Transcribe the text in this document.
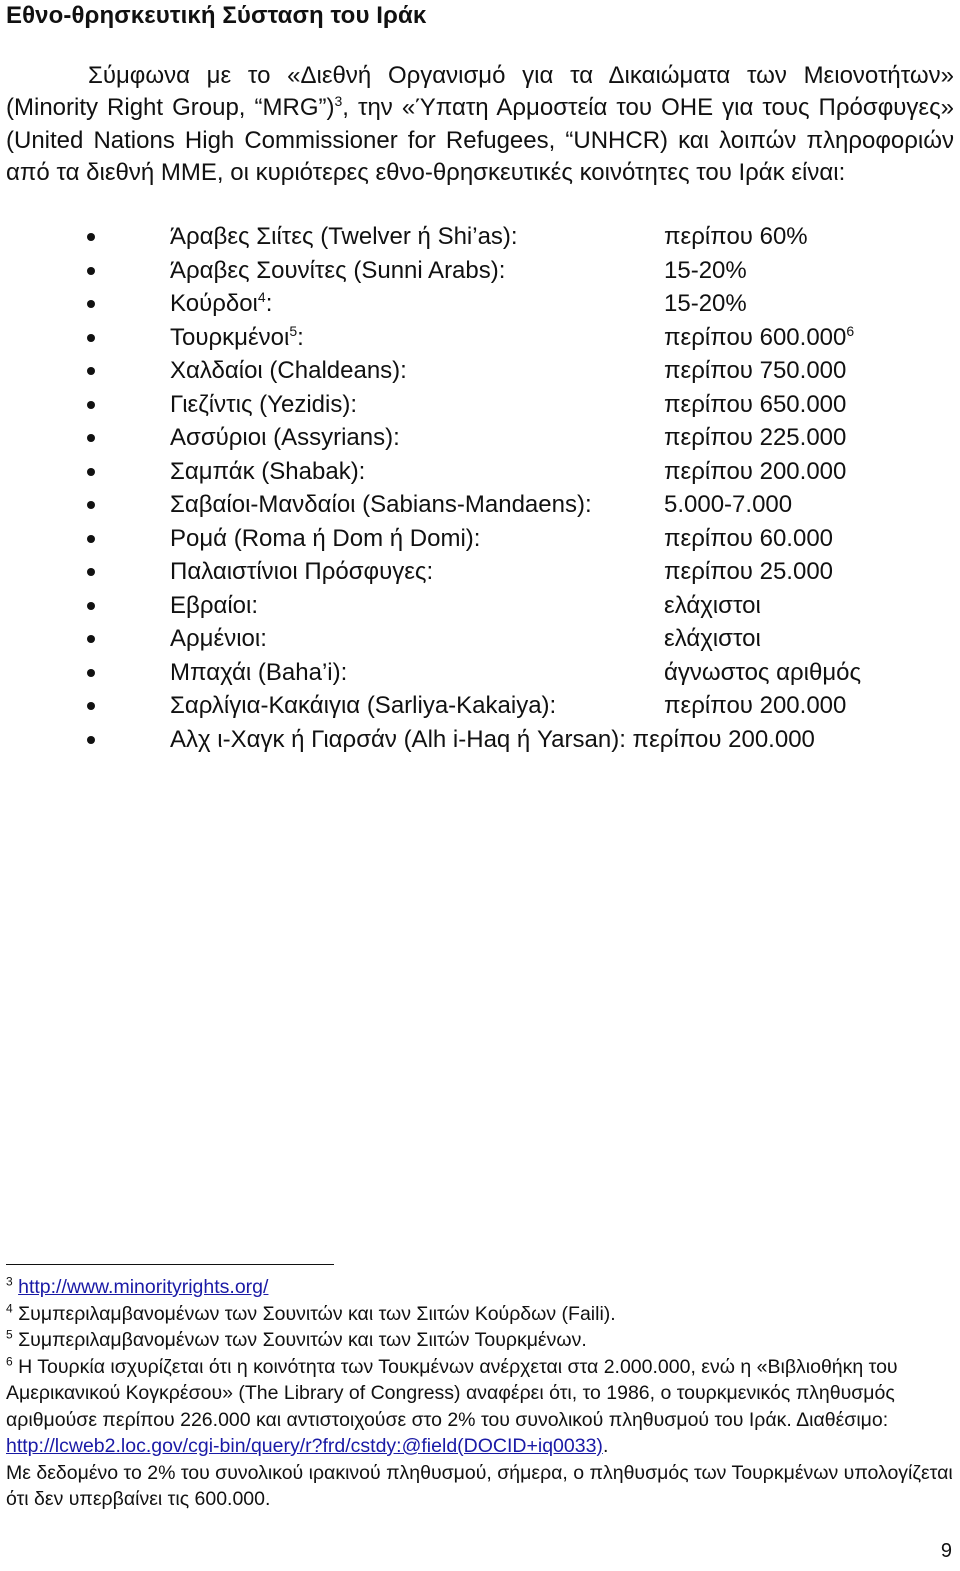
Εθνο-θρησκευτική Σύσταση του Ιράκ

Σύμφωνα με το «Διεθνή Οργανισμό για τα Δικαιώματα των Μειονοτήτων» (Minority Right Group, “MRG”)$^3$, την «Ύπατη Αρμοστεία του ΟΗΕ για τους Πρόσφυγες» (United Nations High Commissioner for Refugees, “UNHCR) και λοιπών πληροφοριών από τα διεθνή ΜΜΕ, οι κυριότερες εθνο-θρησκευτικές κοινότητες του Ιράκ είναι:

Άραβες Σιίτες (Twelver ή Shi’as):	περίπου 60%
Άραβες Σουνίτες (Sunni Arabs):	15-20%
Κούρδοι$^4$:	15-20%
Τουρκμένοι$^5$:	περίπου 600.000$^6$
Χαλδαίοι (Chaldeans):	περίπου 750.000
Γιεζίντις (Yezidis):	περίπου 650.000
Ασσύριοι (Assyrians):	περίπου 225.000
Σαμπάκ (Shabak):	περίπου 200.000
Σαβαίοι-Μανδαίοι (Sabians-Mandaens):	5.000-7.000
Ρομά (Roma ή Dom ή Domi):	περίπου 60.000
Παλαιστίνιοι Πρόσφυγες:	περίπου 25.000
Εβραίοι:	ελάχιστοι
Αρμένιοι:	ελάχιστοι
Μπαχάι (Baha’i):	άγνωστος αριθμός
Σαρλίγια-Κακάιγια (Sarliya-Kakaiya):	περίπου 200.000
Αλχ ι-Χαγκ ή Γιαρσάν (Alh i-Haq ή Yarsan): περίπου 200.000

$^3$ http://www.minorityrights.org/

$^4$ Συμπεριλαμβανομένων των Σουνιτών και των Σιιτών Κούρδων (Faili).

$^5$ Συμπεριλαμβανομένων των Σουνιτών και των Σιιτών Τουρκμένων.

$^6$ Η Τουρκία ισχυρίζεται ότι η κοινότητα των Τουκμένων ανέρχεται στα 2.000.000, ενώ η «Βιβλιοθήκη του Αμερικανικού Κογκρέσου» (The Library of Congress) αναφέρει ότι, το 1986, ο τουρκμενικός πληθυσμός αριθμούσε περίπου 226.000 και αντιστοιχούσε στο 2% του συνολικού πληθυσμού του Ιράκ. Διαθέσιμο: http://lcweb2.loc.gov/cgi-bin/query/r?frd/cstdy:@field(DOCID+iq0033).

Με δεδομένο το 2% του συνολικού ιρακινού πληθυσμού, σήμερα, ο πληθυσμός των Τουρκμένων υπολογίζεται ότι δεν υπερβαίνει τις 600.000.

9
